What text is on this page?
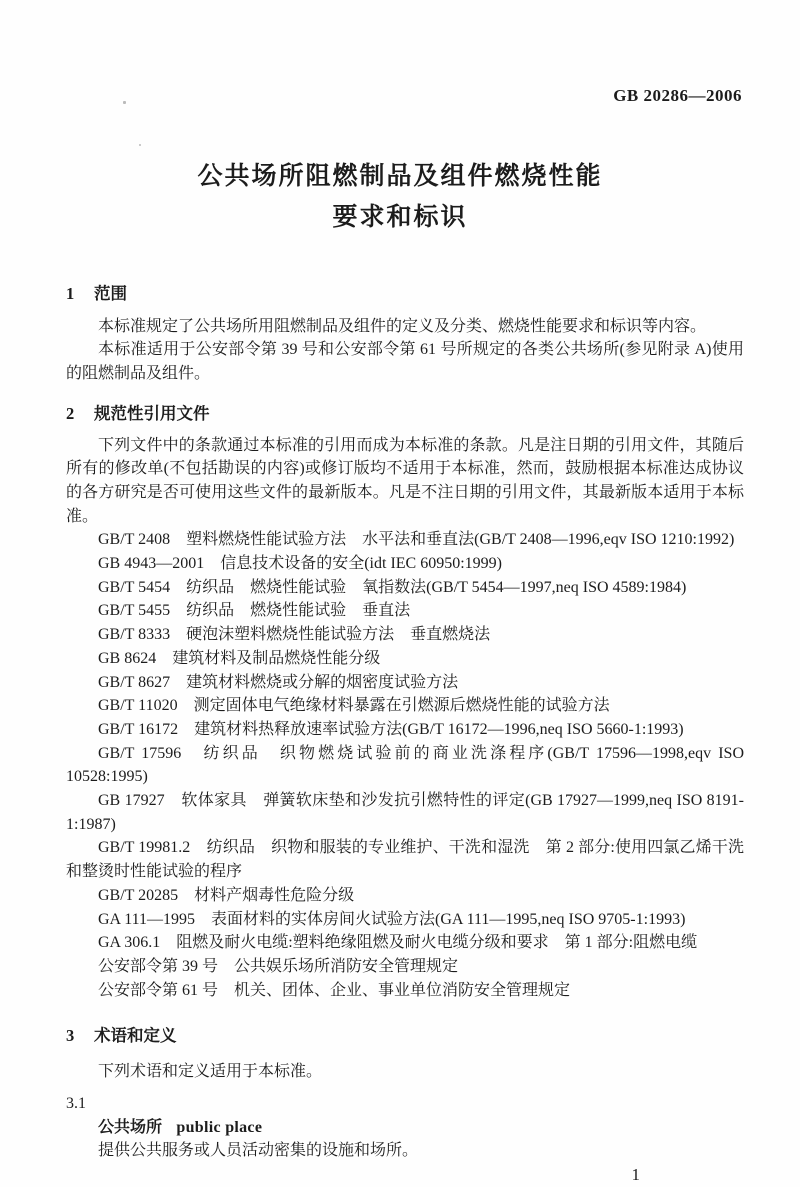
GB 20286—2006
公共场所阻燃制品及组件燃烧性能
要求和标识
1 范围

本标准规定了公共场所用阻燃制品及组件的定义及分类、燃烧性能要求和标识等内容。

本标准适用于公安部令第 39 号和公安部令第 61 号所规定的各类公共场所(参见附录 A)使用的阻燃制品及组件。

2 规范性引用文件

下列文件中的条款通过本标准的引用而成为本标准的条款。凡是注日期的引用文件，其随后所有的修改单(不包括勘误的内容)或修订版均不适用于本标准，然而，鼓励根据本标准达成协议的各方研究是否可使用这些文件的最新版本。凡是不注日期的引用文件，其最新版本适用于本标准。

GB/T 2408　塑料燃烧性能试验方法　水平法和垂直法(GB/T 2408—1996,eqv ISO 1210:1992)

GB 4943—2001　信息技术设备的安全(idt IEC 60950:1999)

GB/T 5454　纺织品　燃烧性能试验　氧指数法(GB/T 5454—1997,neq ISO 4589:1984)

GB/T 5455　纺织品　燃烧性能试验　垂直法

GB/T 8333　硬泡沫塑料燃烧性能试验方法　垂直燃烧法

GB 8624　建筑材料及制品燃烧性能分级

GB/T 8627　建筑材料燃烧或分解的烟密度试验方法

GB/T 11020　测定固体电气绝缘材料暴露在引燃源后燃烧性能的试验方法

GB/T 16172　建筑材料热释放速率试验方法(GB/T 16172—1996,neq ISO 5660-1:1993)

GB/T 17596　纺织品　织物燃烧试验前的商业洗涤程序(GB/T 17596—1998,eqv ISO 10528:1995)

GB 17927　软体家具　弹簧软床垫和沙发抗引燃特性的评定(GB 17927—1999,neq ISO 8191-1:1987)

GB/T 19981.2　纺织品　织物和服装的专业维护、干洗和湿洗　第 2 部分:使用四氯乙烯干洗和整烫时性能试验的程序

GB/T 20285　材料产烟毒性危险分级

GA 111—1995　表面材料的实体房间火试验方法(GA 111—1995,neq ISO 9705-1:1993)

GA 306.1　阻燃及耐火电缆:塑料绝缘阻燃及耐火电缆分级和要求　第 1 部分:阻燃电缆

公安部令第 39 号　公共娱乐场所消防安全管理规定

公安部令第 61 号　机关、团体、企业、事业单位消防安全管理规定

3 术语和定义

下列术语和定义适用于本标准。

3.1

公共场所 public place

提供公共服务或人员活动密集的设施和场所。

1
